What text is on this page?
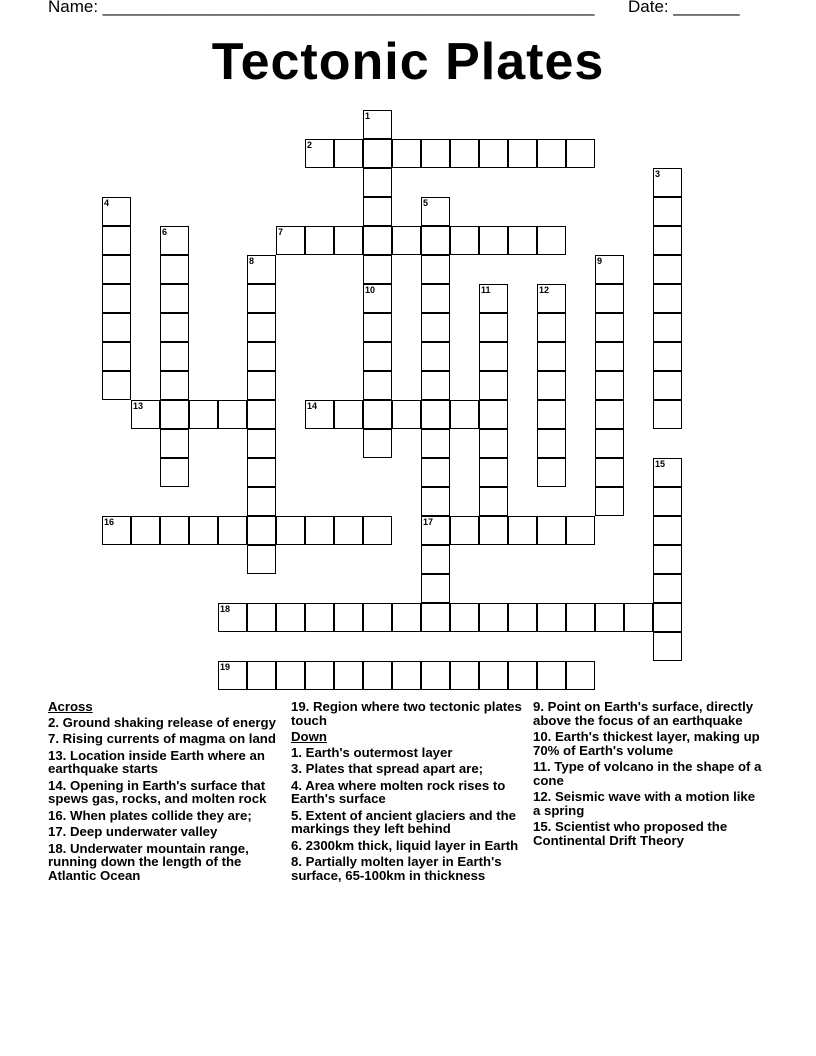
Name: ____________________________________________________ Date: _______
Tectonic Plates
1
2
3
4	5
17
6	7
8	9
10	11	12
13	14
15
16
18
19
Across
2. Ground shaking release of energy
7. Rising currents of magma on land
13. Location inside Earth where an earthquake starts
14. Opening in Earth's surface that spews gas, rocks, and molten rock
16. When plates collide they are;
17. Deep underwater valley
18. Underwater mountain range, running down the length of the Atlantic Ocean
19. Region where two tectonic plates touch
Down
1. Earth's outermost layer
3. Plates that spread apart are;
4. Area where molten rock rises to Earth's surface
5. Extent of ancient glaciers and the markings they left behind
6. 2300km thick, liquid layer in Earth
8. Partially molten layer in Earth's surface, 65-100km in thickness
9. Point on Earth's surface, directly above the focus of an earthquake
10. Earth's thickest layer, making up 70% of Earth's volume
11. Type of volcano in the shape of a cone
12. Seismic wave with a motion like a spring
15. Scientist who proposed the Continental Drift Theory
